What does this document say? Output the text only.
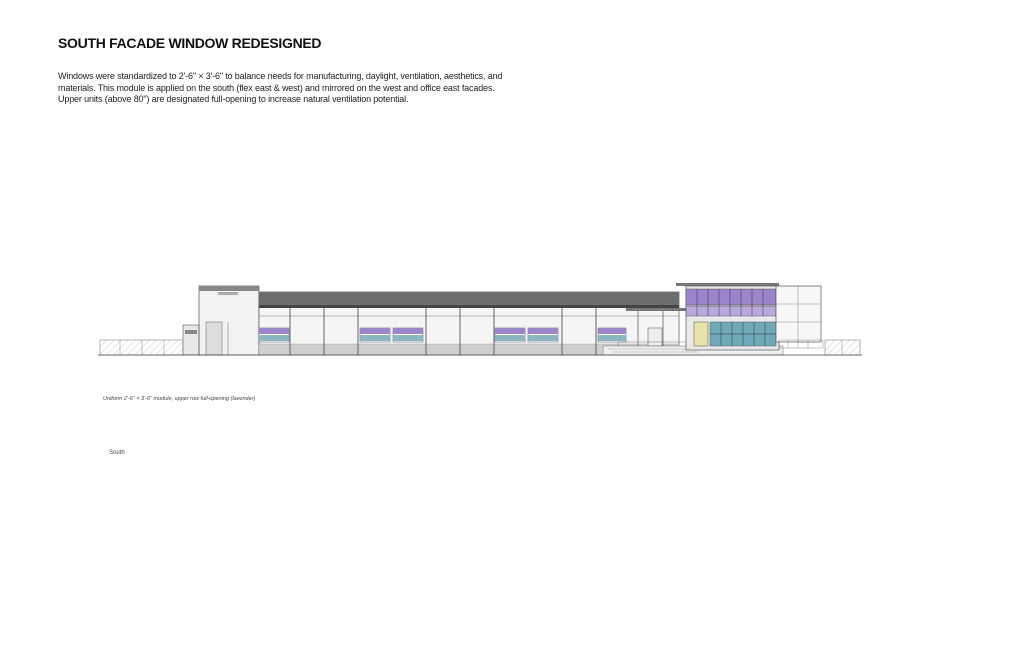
SOUTH FACADE WINDOW REDESIGNED

Windows were standardized to 2'-6" × 3'-6" to balance needs for manufacturing, daylight, ventilation, aesthetics, and
materials. This module is applied on the south (flex east & west) and mirrored on the west and office east facades.
Upper units (above 80") are designated full-opening to increase natural ventilation potential.

Uniform 2'-6" × 3'-6" module, upper row full-opening (lavender)
South
